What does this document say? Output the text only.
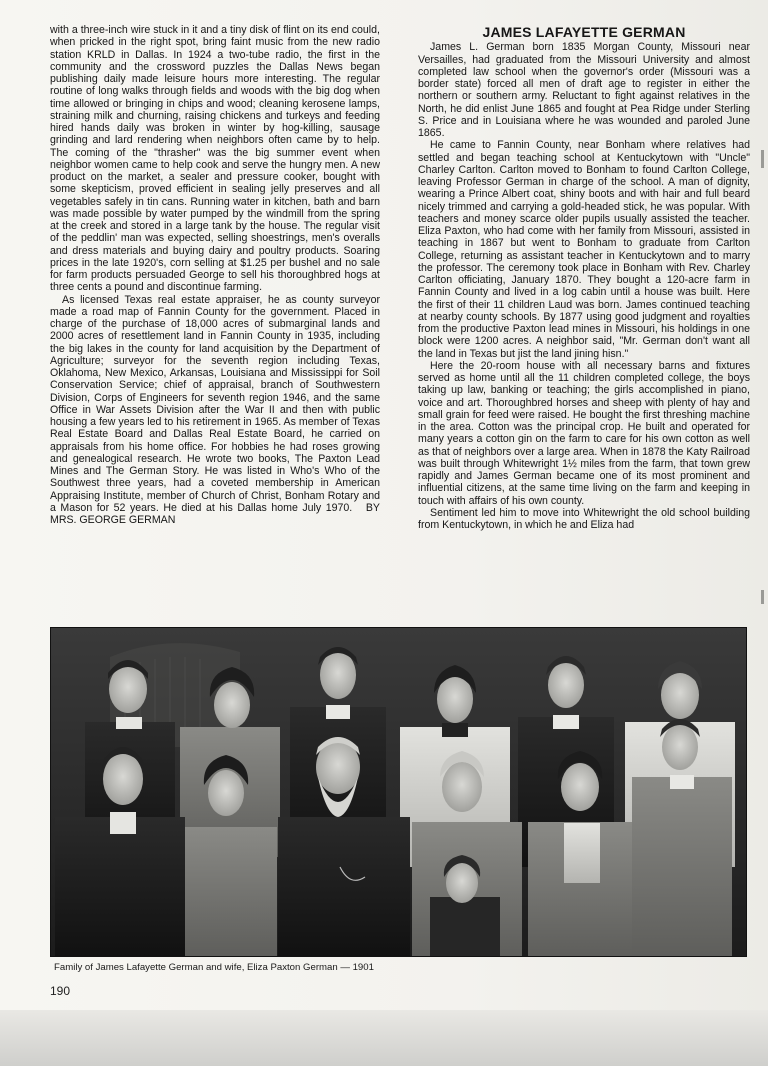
with a three-inch wire stuck in it and a tiny disk of flint on its end could, when pricked in the right spot, bring faint music from the new radio station KRLD in Dallas. In 1924 a two-tube radio, the first in the community and the crossword puzzles the Dallas News began publishing daily made leisure hours more interesting. The regular routine of long walks through fields and woods with the big dog when time allowed or bringing in chips and wood; cleaning kerosene lamps, straining milk and churning, raising chickens and turkeys and feeding hired hands daily was broken in winter by hog-killing, sausage grinding and lard rendering when neighbors often came by to help. The coming of the "thrasher" was the big summer event when neighbor women came to help cook and serve the hungry men. A new product on the market, a sealer and pressure cooker, bought with some skepticism, proved efficient in sealing jelly preserves and all vegetables safely in tin cans. Running water in kitchen, bath and barn was made possible by water pumped by the windmill from the spring at the creek and stored in a large tank by the house. The regular visit of the peddlin' man was expected, selling shoestrings, men's overalls and dress materials and buying dairy and poultry products. Soaring prices in the late 1920's, corn selling at $1.25 per bushel and no sale for farm products persuaded George to sell his thoroughbred hogs at three cents a pound and discontinue farming.

As licensed Texas real estate appraiser, he as county surveyor made a road map of Fannin County for the government. Placed in charge of the purchase of 18,000 acres of submarginal lands and 2000 acres of resettlement land in Fannin County in 1935, including the big lakes in the county for land acquisition by the Department of Agriculture; surveyor for the seventh region including Texas, Oklahoma, New Mexico, Arkansas, Louisiana and Mississippi for Soil Conservation Service; chief of appraisal, branch of Southwestern Division, Corps of Engineers for seventh region 1946, and the same Office in War Assets Division after the War II and then with public housing a few years led to his retirement in 1965. As member of Texas Real Estate Board and Dallas Real Estate Board, he carried on appraisals from his home office. For hobbies he had roses growing and genealogical research. He wrote two books, The Paxton Lead Mines and The German Story. He was listed in Who's Who of the Southwest three years, had a coveted membership in American Appraising Institute, member of Church of Christ, Bonham Rotary and a Mason for 52 years. He died at his Dallas home July 1970. BY MRS. GEORGE GERMAN

JAMES LAFAYETTE GERMAN

James L. German born 1835 Morgan County, Missouri near Versailles, had graduated from the Missouri University and almost completed law school when the governor's order (Missouri was a border state) forced all men of draft age to register in either the northern or southern army. Reluctant to fight against relatives in the North, he did enlist June 1865 and fought at Pea Ridge under Sterling S. Price and in Louisiana where he was wounded and paroled June 1865.

He came to Fannin County, near Bonham where relatives had settled and began teaching school at Kentuckytown with "Uncle" Charley Carlton. Carlton moved to Bonham to found Carlton College, leaving Professor German in charge of the school. A man of dignity, wearing a Prince Albert coat, shiny boots and with hair and full beard nicely trimmed and carrying a gold-headed stick, he was popular. With teachers and money scarce older pupils usually assisted the teacher. Eliza Paxton, who had come with her family from Missouri, assisted in teaching in 1867 but went to Bonham to graduate from Carlton College, returning as assistant teacher in Kentuckytown and to marry the professor. The ceremony took place in Bonham with Rev. Charley Carlton officiating, January 1870. They bought a 120-acre farm in Fannin County and lived in a log cabin until a house was built. Here the first of their 11 children Laud was born. James continued teaching at nearby county schools. By 1877 using good judgment and royalties from the productive Paxton lead mines in Missouri, his holdings in one block were 1200 acres. A neighbor said, "Mr. German don't want all the land in Texas but jist the land jining hisn."

Here the 20-room house with all necessary barns and fixtures served as home until all the 11 children completed college, the boys taking up law, banking or teaching; the girls accomplished in piano, voice and art. Thoroughbred horses and sheep with plenty of hay and small grain for feed were raised. He bought the first threshing machine in the area. Cotton was the principal crop. He built and operated for many years a cotton gin on the farm to care for his own cotton as well as that of neighbors over a large area. When in 1878 the Katy Railroad was built through Whitewright 1½ miles from the farm, that town grew rapidly and James German became one of its most prominent and influential citizens, at the same time living on the farm and keeping in touch with affairs of his own county.

Sentiment led him to move into Whitewright the old school building from Kentuckytown, in which he and Eliza had

Family of James Lafayette German and wife, Eliza Paxton German — 1901
190
